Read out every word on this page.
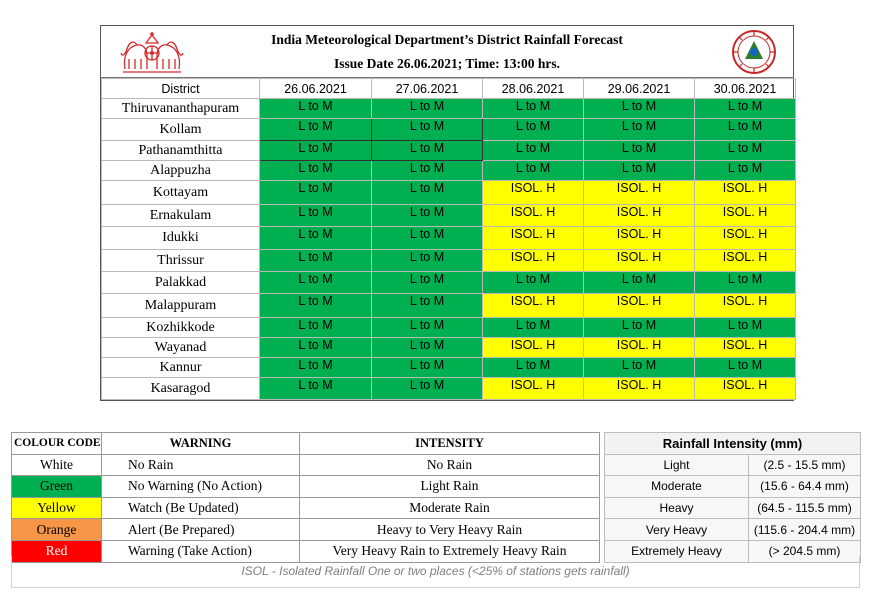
India Meteorological Department’s District Rainfall Forecast
Issue Date 26.06.2021; Time: 13:00 hrs.
District	26.06.2021	27.06.2021	28.06.2021	29.06.2021	30.06.2021
Thiruvananthapuram	L to M	L to M	L to M	L to M	L to M
Kollam	L to M	L to M	L to M	L to M	L to M
Pathanamthitta	L to M	L to M	L to M	L to M	L to M
Alappuzha	L to M	L to M	L to M	L to M	L to M
Kottayam	L to M	L to M	ISOL. H	ISOL. H	ISOL. H
Ernakulam	L to M	L to M	ISOL. H	ISOL. H	ISOL. H
Idukki	L to M	L to M	ISOL. H	ISOL. H	ISOL. H
Thrissur	L to M	L to M	ISOL. H	ISOL. H	ISOL. H
Palakkad	L to M	L to M	L to M	L to M	L to M
Malappuram	L to M	L to M	ISOL. H	ISOL. H	ISOL. H
Kozhikkode	L to M	L to M	L to M	L to M	L to M
Wayanad	L to M	L to M	ISOL. H	ISOL. H	ISOL. H
Kannur	L to M	L to M	L to M	L to M	L to M
Kasaragod	L to M	L to M	ISOL. H	ISOL. H	ISOL. H
COLOUR CODE	WARNING	INTENSITY
White	No Rain	No Rain
Green	No Warning (No Action)	Light Rain
Yellow	Watch (Be Updated)	Moderate Rain
Orange	Alert (Be Prepared)	Heavy to Very Heavy Rain
Red	Warning (Take Action)	Very Heavy Rain to Extremely Heavy Rain
Rainfall Intensity (mm)	
Light	(2.5 - 15.5 mm)
Moderate	(15.6 - 64.4 mm)
Heavy	(64.5 - 115.5 mm)
Very Heavy	(115.6 - 204.4 mm)
Extremely Heavy	(> 204.5 mm)
ISOL - Isolated Rainfall One or two places (<25% of stations gets rainfall)
